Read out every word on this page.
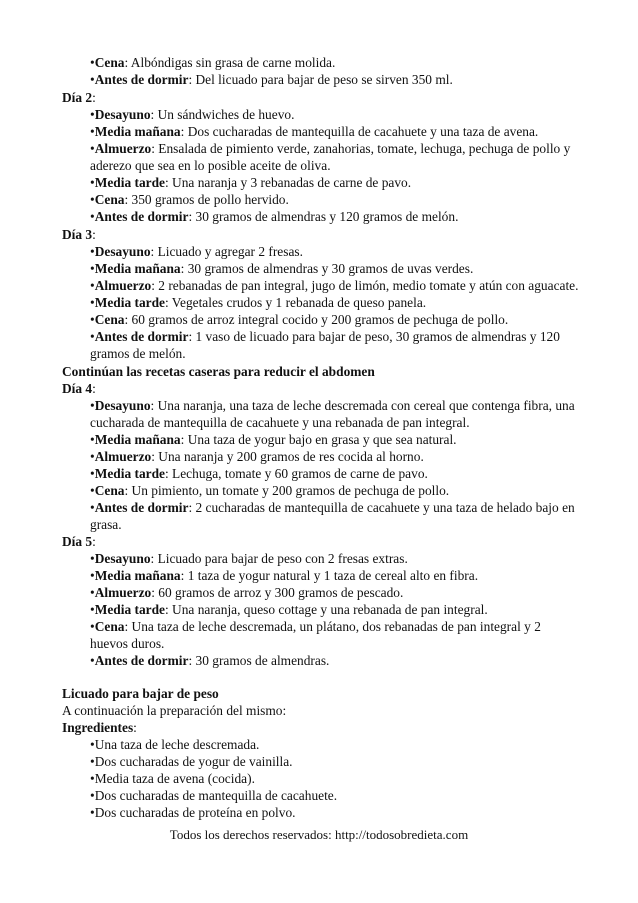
•Cena: Albóndigas sin grasa de carne molida.
•Antes de dormir: Del licuado para bajar de peso se sirven 350 ml.
Día 2:
•Desayuno: Un sándwiches de huevo.
•Media mañana: Dos cucharadas de mantequilla de cacahuete y una taza de avena.
•Almuerzo: Ensalada de pimiento verde, zanahorias, tomate, lechuga, pechuga de pollo y aderezo que sea en lo posible aceite de oliva.
•Media tarde: Una naranja y 3 rebanadas de carne de pavo.
•Cena: 350 gramos de pollo hervido.
•Antes de dormir: 30 gramos de almendras y 120 gramos de melón.
Día 3:
•Desayuno: Licuado y agregar 2 fresas.
•Media mañana: 30 gramos de almendras y 30 gramos de uvas verdes.
•Almuerzo: 2 rebanadas de pan integral, jugo de limón, medio tomate y atún con aguacate.
•Media tarde: Vegetales crudos y 1 rebanada de queso panela.
•Cena: 60 gramos de arroz integral cocido y 200 gramos de pechuga de pollo.
•Antes de dormir: 1 vaso de licuado para bajar de peso, 30 gramos de almendras y 120 gramos de melón.
Continúan las recetas caseras para reducir el abdomen
Día 4:
•Desayuno: Una naranja, una taza de leche descremada con cereal que contenga fibra, una cucharada de mantequilla de cacahuete y una rebanada de pan integral.
•Media mañana: Una taza de yogur bajo en grasa y que sea natural.
•Almuerzo: Una naranja y 200 gramos de res cocida al horno.
•Media tarde: Lechuga, tomate y 60 gramos de carne de pavo.
•Cena: Un pimiento, un tomate y 200 gramos de pechuga de pollo.
•Antes de dormir: 2 cucharadas de mantequilla de cacahuete y una taza de helado bajo en grasa.
Día 5:
•Desayuno: Licuado para bajar de peso con 2 fresas extras.
•Media mañana: 1 taza de yogur natural y 1 taza de cereal alto en fibra.
•Almuerzo: 60 gramos de arroz y 300 gramos de pescado.
•Media tarde: Una naranja, queso cottage y una rebanada de pan integral.
•Cena: Una taza de leche descremada, un plátano, dos rebanadas de pan integral y 2 huevos duros.
•Antes de dormir: 30 gramos de almendras.
Licuado para bajar de peso
A continuación la preparación del mismo:
Ingredientes:
•Una taza de leche descremada.
•Dos cucharadas de yogur de vainilla.
•Media taza de avena (cocida).
•Dos cucharadas de mantequilla de cacahuete.
•Dos cucharadas de proteína en polvo.
Todos los derechos reservados: http://todosobredieta.com
